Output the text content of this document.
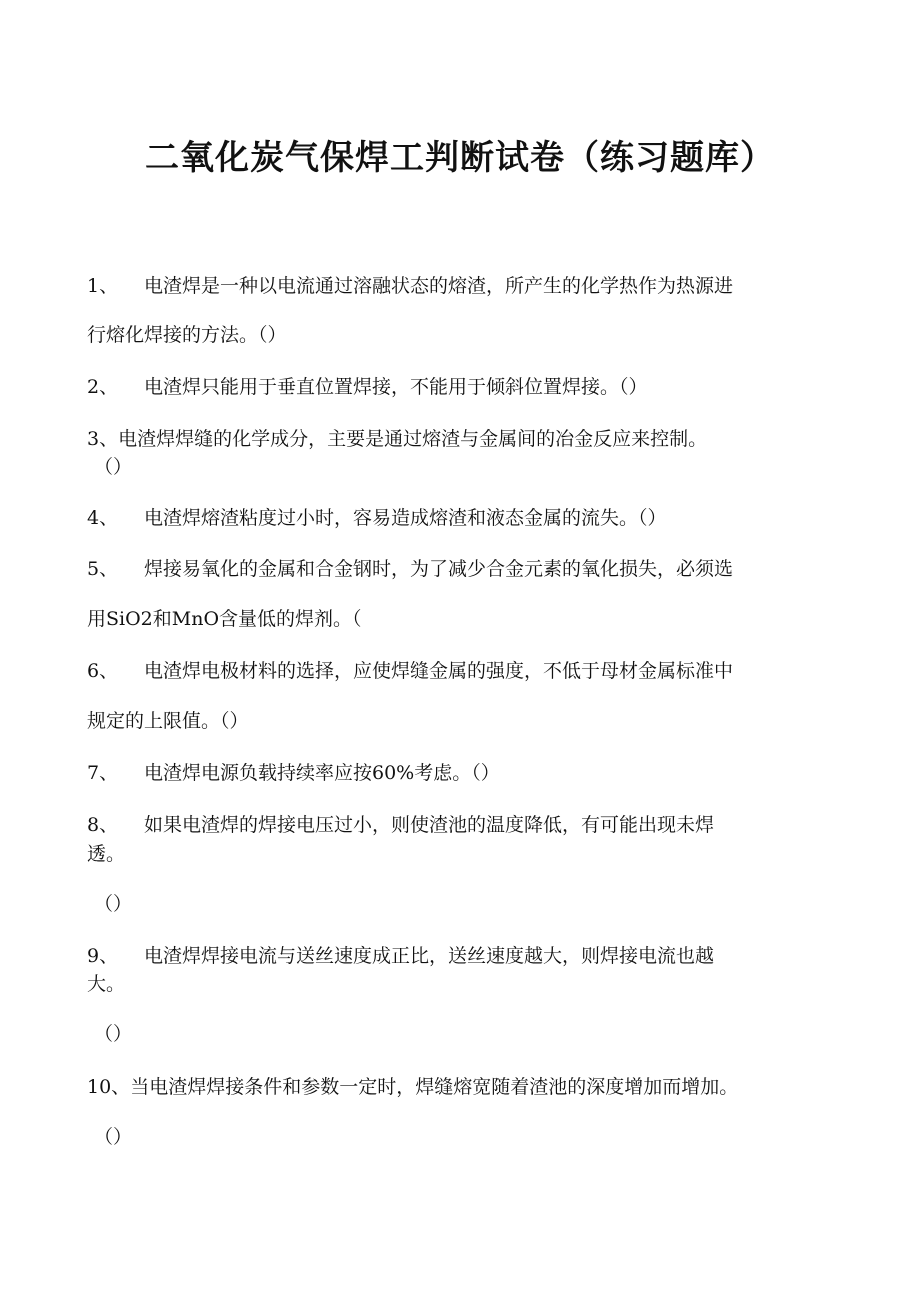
二氧化炭气保焊工判断试卷（练习题库）
1、 电渣焊是一种以电流通过溶融状态的熔渣，所产生的化学热作为热源进
行熔化焊接的方法。（）
2、 电渣焊只能用于垂直位置焊接，不能用于倾斜位置焊接。（）
3、电渣焊焊缝的化学成分，主要是通过熔渣与金属间的冶金反应来控制。
（）
4、 电渣焊熔渣粘度过小时，容易造成熔渣和液态金属的流失。（）
5、 焊接易氧化的金属和合金钢时，为了减少合金元素的氧化损失，必须选
用SiO2和MnO含量低的焊剂。（
6、 电渣焊电极材料的选择，应使焊缝金属的强度，不低于母材金属标准中
规定的上限值。（）
7、 电渣焊电源负载持续率应按60%考虑。（）
8、 如果电渣焊的焊接电压过小，则使渣池的温度降低，有可能出现未焊
透。
（）
9、 电渣焊焊接电流与送丝速度成正比，送丝速度越大，则焊接电流也越
大。
（）
10、当电渣焊焊接条件和参数一定时，焊缝熔宽随着渣池的深度增加而增加。
（）
